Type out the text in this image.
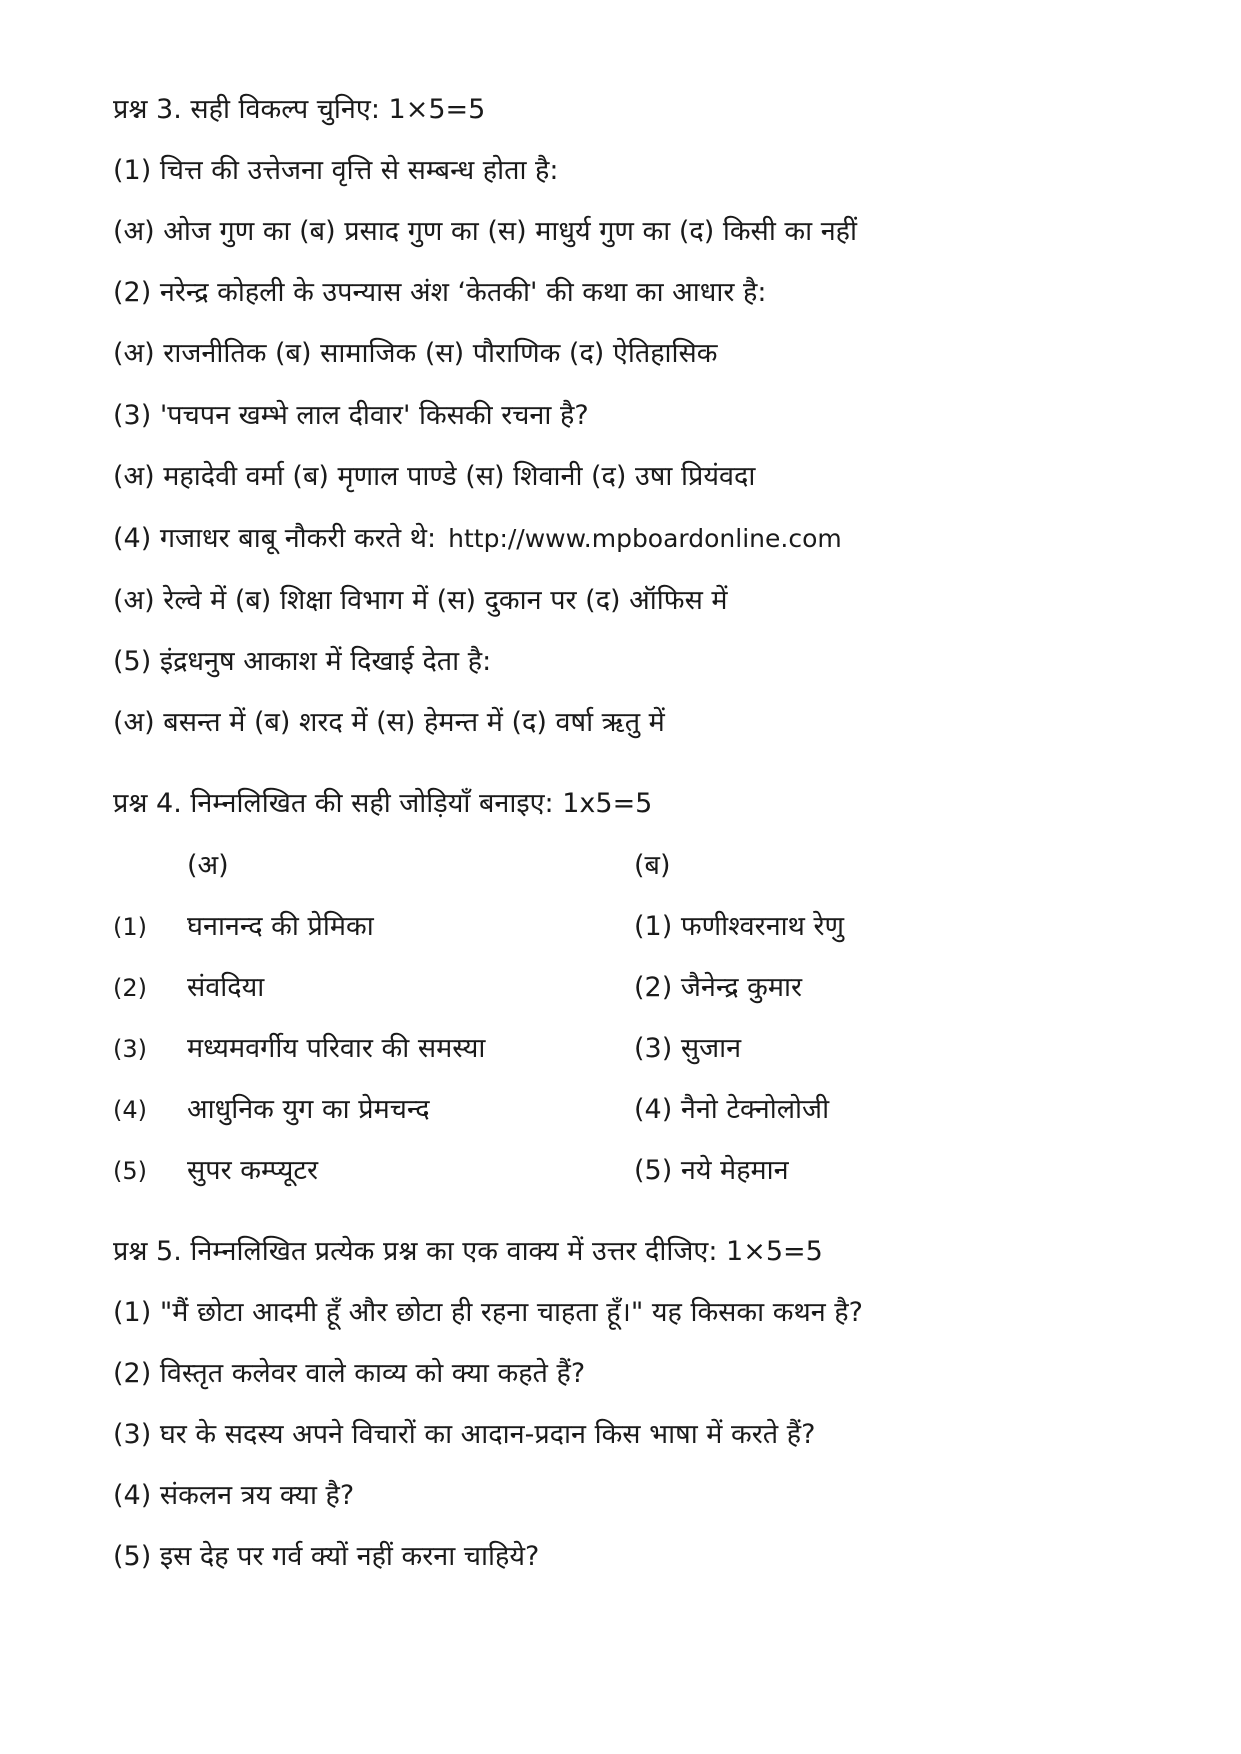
प्रश्न 3. सही विकल्प चुनिए: 1×5=5
(1) चित्त की उत्तेजना वृत्ति से सम्बन्ध होता है:
(अ) ओज गुण का (ब) प्रसाद गुण का (स) माधुर्य गुण का (द) किसी का नहीं
(2) नरेन्द्र कोहली के उपन्यास अंश ‘केतकी' की कथा का आधार है:
(अ) राजनीतिक (ब) सामाजिक (स) पौराणिक (द) ऐतिहासिक
(3) 'पचपन खम्भे लाल दीवार' किसकी रचना है?
(अ) महादेवी वर्मा (ब) मृणाल पाण्डे (स) शिवानी (द) उषा प्रियंवदा
(4) गजाधर बाबू नौकरी करते थे: http://www.mpboardonline.com
(अ) रेल्वे में (ब) शिक्षा विभाग में (स) दुकान पर (द) ऑफिस में
(5) इंद्रधनुष आकाश में दिखाई देता है:
(अ) बसन्त में (ब) शरद में (स) हेमन्त में (द) वर्षा ऋतु में
प्रश्न 4. निम्नलिखित की सही जोड़ियाँ बनाइए: 1x5=5
(अ)	(ब)
(1) घनानन्द की प्रेमिका	(1) फणीश्वरनाथ रेणु
(2) संवदिया	(2) जैनेन्द्र कुमार
(3) मध्यमवर्गीय परिवार की समस्या	(3) सुजान
(4) आधुनिक युग का प्रेमचन्द	(4) नैनो टेक्नोलोजी
(5) सुपर कम्प्यूटर	(5) नये मेहमान
प्रश्न 5. निम्नलिखित प्रत्येक प्रश्न का एक वाक्य में उत्तर दीजिए: 1×5=5
(1) "मैं छोटा आदमी हूँ और छोटा ही रहना चाहता हूँ।" यह किसका कथन है?
(2) विस्तृत कलेवर वाले काव्य को क्या कहते हैं?
(3) घर के सदस्य अपने विचारों का आदान-प्रदान किस भाषा में करते हैं?
(4) संकलन त्रय क्या है?
(5) इस देह पर गर्व क्यों नहीं करना चाहिये?
